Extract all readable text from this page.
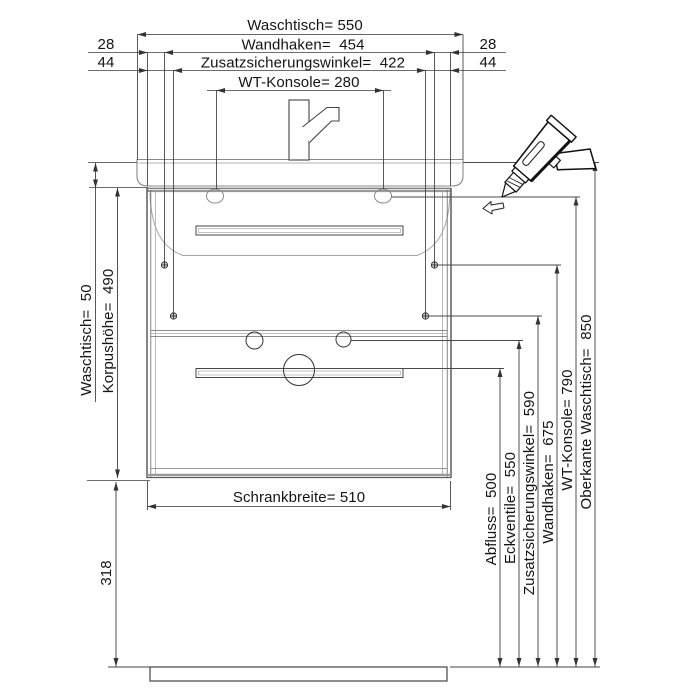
Waschtisch= 550
28
44
28
44
Wandhaken=  454
Zusatzsicherungswinkel=  422
WT-Konsole= 280
Waschtisch=  50 Korpushöhe=  490
318
Schrankbreite= 510	Abfluss=  500 Eckventile=  550 Zusatzsicherungswinkel=  590 Wandhaken=  675 WT-Konsole= 790 Oberkante Waschtisch=  850
